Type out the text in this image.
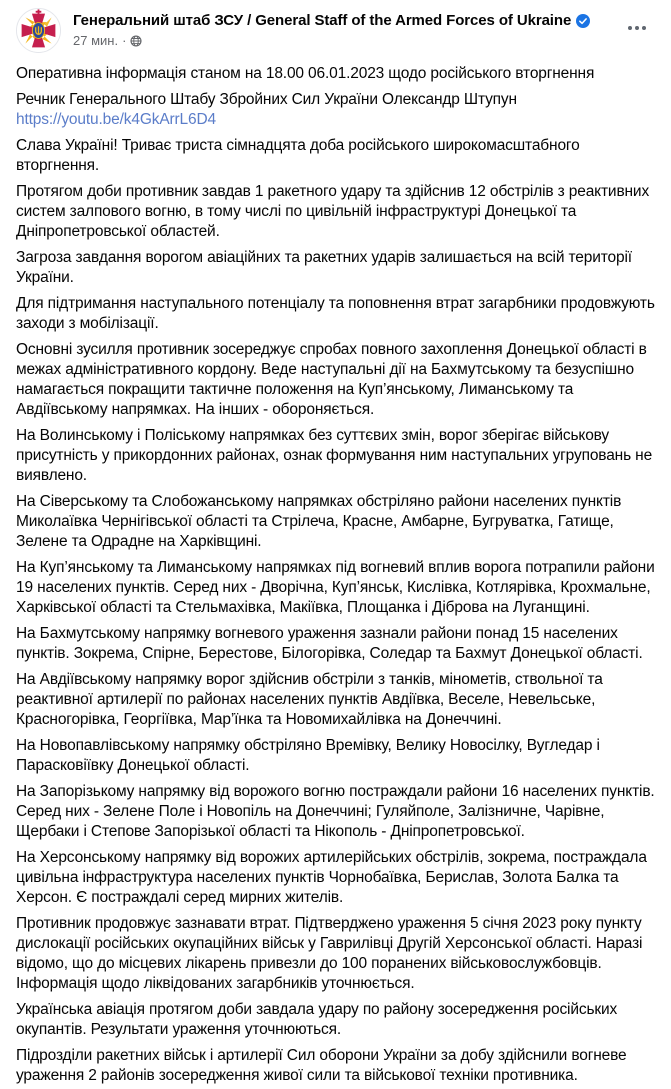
Генеральний штаб ЗСУ / General Staff of the Armed Forces of Ukraine
27 мин. ·

Оперативна інформація станом на 18.00 06.01.2023 щодо російського вторгнення

Речник Генерального Штабу Збройних Сил України Олександр Штупун

https://youtu.be/k4GkArrL6D4

Слава Україні! Триває триста сімнадцята доба російського широкомасштабного вторгнення.

Протягом доби противник завдав 1 ракетного удару та здійснив 12 обстрілів з реактивних систем залпового вогню, в тому числі по цивільній інфраструктурі Донецької та Дніпропетровської областей.

Загроза завдання ворогом авіаційних та ракетних ударів залишається на всій території України.

Для підтримання наступального потенціалу та поповнення втрат загарбники продовжують заходи з мобілізації.

Основні зусилля противник зосереджує спробах повного захоплення Донецької області в межах адміністративного кордону. Веде наступальні дії на Бахмутському та безуспішно намагається покращити тактичне положення на Куп’янському, Лиманському та Авдіївському напрямках. На інших - обороняється.

На Волинському і Поліському напрямках без суттєвих змін, ворог зберігає військову присутність у прикордонних районах, ознак формування ним наступальних угруповань не виявлено.

На Сіверському та Слобожанському напрямках обстріляно райони населених пунктів Миколаївка Чернігівської області та Стрілеча, Красне, Амбарне, Бугруватка, Гатище, Зелене та Одрадне на Харківщині.

На Куп’янському та Лиманському напрямках під вогневий вплив ворога потрапили райони 19 населених пунктів. Серед них - Дворічна, Куп’янськ, Кислівка, Котлярівка, Крохмальне, Харківської області та Стельмахівка, Макіївка, Площанка і Діброва на Луганщині.

На Бахмутському напрямку вогневого ураження зазнали райони понад 15 населених пунктів. Зокрема, Спірне, Берестове, Білогорівка, Соледар та Бахмут Донецької області.

На Авдіївському напрямку ворог здійснив обстріли з танків, мінометів, ствольної та реактивної артилерії по районах населених пунктів Авдіївка, Веселе, Невельське, Красногорівка, Георгіївка, Мар’їнка та Новомихайлівка на Донеччині.

На Новопавлівському напрямку обстріляно Времівку, Велику Новосілку, Вугледар і Парасковіївку Донецької області.

На Запорізькому напрямку від ворожого вогню постраждали райони 16 населених пунктів. Серед них - Зелене Поле і Новопіль на Донеччині; Гуляйполе, Залізничне, Чарівне, Щербаки і Степове Запорізької області та Нікополь - Дніпропетровської.

На Херсонському напрямку від ворожих артилерійських обстрілів, зокрема, постраждала цивільна інфраструктура населених пунктів Чорнобаївка, Берислав, Золота Балка та Херсон. Є постраждалі серед мирних жителів.

Противник продовжує зазнавати втрат. Підтверджено ураження 5 січня 2023 року пункту дислокації російських окупаційних військ у Гаврилівці Другій Херсонської області. Наразі відомо, що до місцевих лікарень привезли до 100 поранених військовослужбовців. Інформація щодо ліквідованих загарбників уточнюється.

Українська авіація протягом доби завдала удару по району зосередження російських окупантів. Результати ураження уточнюються.

Підрозділи ракетних військ і артилерії Сил оборони України за добу здійснили вогневе ураження 2 районів зосередження живої сили та військової техніки противника.
